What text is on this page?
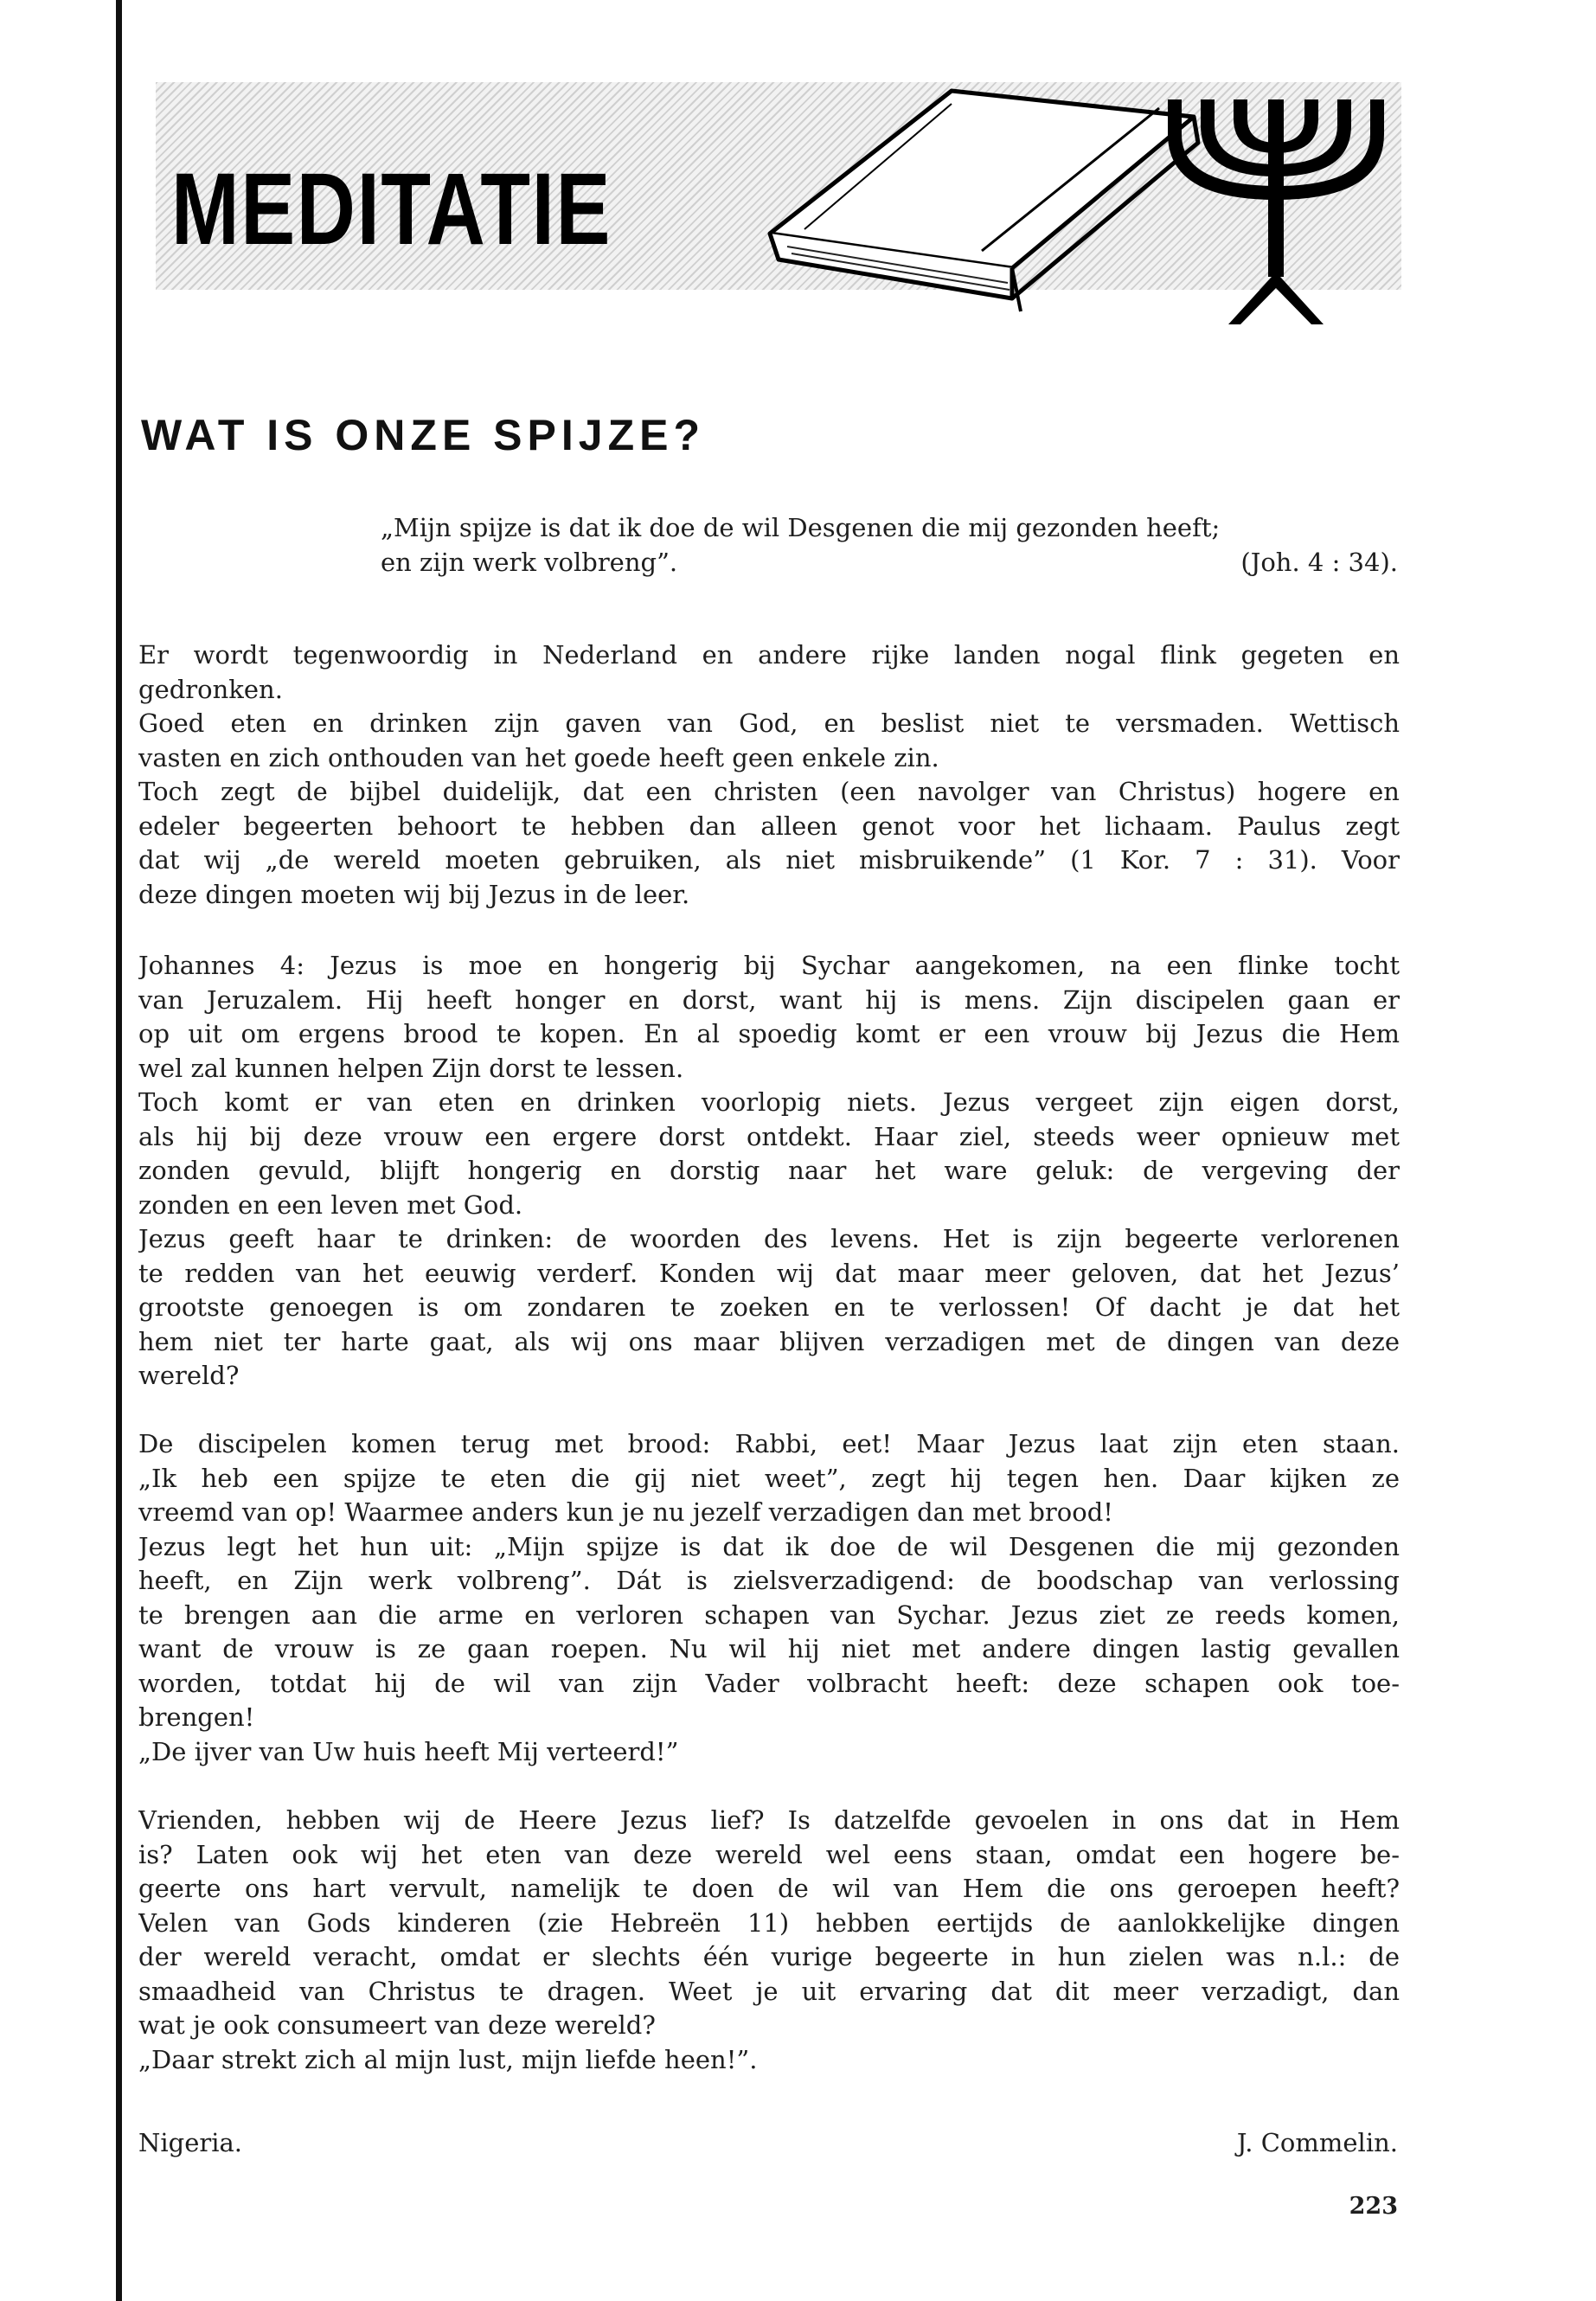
MEDITATIE
WAT IS ONZE SPIJZE?
„Mijn spijze is dat ik doe de wil Desgenen die mij gezonden heeft;
en zijn werk volbreng”.	(Joh. 4 : 34).
Er wordt tegenwoordig in Nederland en andere rijke landen nogal flink gegeten en
gedronken.
Goed eten en drinken zijn gaven van God, en beslist niet te versmaden. Wettisch
vasten en zich onthouden van het goede heeft geen enkele zin.
Toch zegt de bijbel duidelijk, dat een christen (een navolger van Christus) hogere en
edeler begeerten behoort te hebben dan alleen genot voor het lichaam. Paulus zegt
dat wij „de wereld moeten gebruiken, als niet misbruikende” (1 Kor. 7 : 31). Voor
deze dingen moeten wij bij Jezus in de leer.
Johannes 4: Jezus is moe en hongerig bij Sychar aangekomen, na een flinke tocht
van Jeruzalem. Hij heeft honger en dorst, want hij is mens. Zijn discipelen gaan er
op uit om ergens brood te kopen. En al spoedig komt er een vrouw bij Jezus die Hem
wel zal kunnen helpen Zijn dorst te lessen.
Toch komt er van eten en drinken voorlopig niets. Jezus vergeet zijn eigen dorst,
als hij bij deze vrouw een ergere dorst ontdekt. Haar ziel, steeds weer opnieuw met
zonden gevuld, blijft hongerig en dorstig naar het ware geluk: de vergeving der
zonden en een leven met God.
Jezus geeft haar te drinken: de woorden des levens. Het is zijn begeerte verlorenen
te redden van het eeuwig verderf. Konden wij dat maar meer geloven, dat het Jezus’
grootste genoegen is om zondaren te zoeken en te verlossen! Of dacht je dat het
hem niet ter harte gaat, als wij ons maar blijven verzadigen met de dingen van deze
wereld?
De discipelen komen terug met brood: Rabbi, eet! Maar Jezus laat zijn eten staan.
„Ik heb een spijze te eten die gij niet weet”, zegt hij tegen hen. Daar kijken ze
vreemd van op! Waarmee anders kun je nu jezelf verzadigen dan met brood!
Jezus legt het hun uit: „Mijn spijze is dat ik doe de wil Desgenen die mij gezonden
heeft, en Zijn werk volbreng”. Dát is zielsverzadigend: de boodschap van verlossing
te brengen aan die arme en verloren schapen van Sychar. Jezus ziet ze reeds komen,
want de vrouw is ze gaan roepen. Nu wil hij niet met andere dingen lastig gevallen
worden, totdat hij de wil van zijn Vader volbracht heeft: deze schapen ook toe-
brengen!
„De ijver van Uw huis heeft Mij verteerd!”
Vrienden, hebben wij de Heere Jezus lief? Is datzelfde gevoelen in ons dat in Hem
is? Laten ook wij het eten van deze wereld wel eens staan, omdat een hogere be-
geerte ons hart vervult, namelijk te doen de wil van Hem die ons geroepen heeft?
Velen van Gods kinderen (zie Hebreën 11) hebben eertijds de aanlokkelijke dingen
der wereld veracht, omdat er slechts één vurige begeerte in hun zielen was n.l.: de
smaadheid van Christus te dragen. Weet je uit ervaring dat dit meer verzadigt, dan
wat je ook consumeert van deze wereld?
„Daar strekt zich al mijn lust, mijn liefde heen!”.
Nigeria.	J. Commelin.
223
